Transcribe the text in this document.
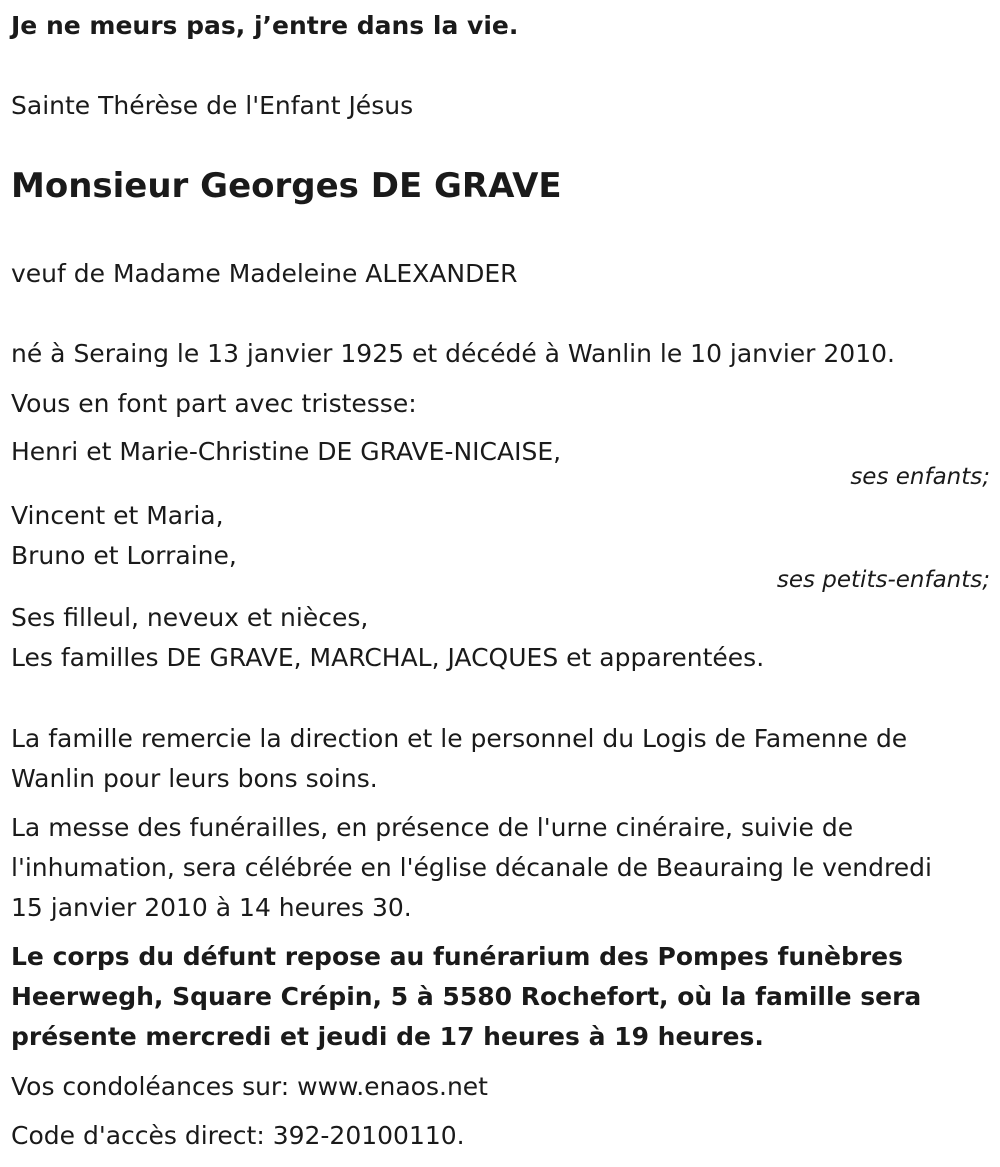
Je ne meurs pas, j’entre dans la vie.
Sainte Thérèse de l'Enfant Jésus
Monsieur Georges DE GRAVE
veuf de Madame Madeleine ALEXANDER
né à Seraing le 13 janvier 1925 et décédé à Wanlin le 10 janvier 2010.
Vous en font part avec tristesse:
Henri et Marie-Christine DE GRAVE-NICAISE,
ses enfants;
Vincent et Maria,
Bruno et Lorraine,
ses petits-enfants;
Ses filleul, neveux et nièces,
Les familles DE GRAVE, MARCHAL, JACQUES et apparentées.
La famille remercie la direction et le personnel du Logis de Famenne de
Wanlin pour leurs bons soins.
La messe des funérailles, en présence de l'urne cinéraire, suivie de
l'inhumation, sera célébrée en l'église décanale de Beauraing le vendredi
15 janvier 2010 à 14 heures 30.
Le corps du défunt repose au funérarium des Pompes funèbres
Heerwegh, Square Crépin, 5 à 5580 Rochefort, où la famille sera
présente mercredi et jeudi de 17 heures à 19 heures.
Vos condoléances sur: www.enaos.net
Code d'accès direct: 392-20100110.
